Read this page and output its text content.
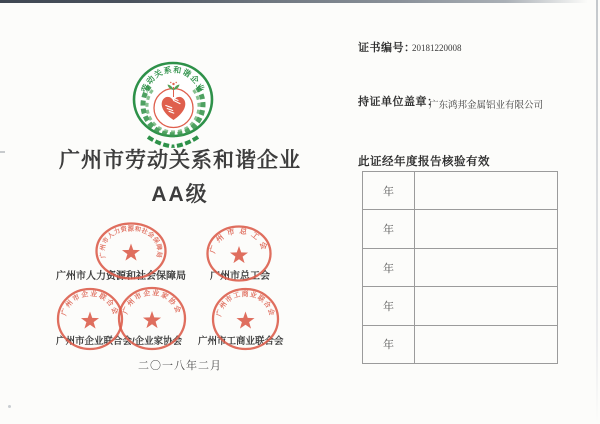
劳动关系和谐企业
广州市劳动关系和谐企业
AA级
广州市人力资源和社会保障局 广州市总工会
广州市企业联合会/企业家协会 广州市工商业联合会
广州市人力资源和社会保障局
广州市总工会
广州市企业联合会 广州市企业家协会	广州市工商业联合会
二〇一八年二月
证书编号：
20181220008
持证单位盖章：
广东鸿邦金属铝业有限公司
此证经年度报告核验有效
年
年
年
年
年
